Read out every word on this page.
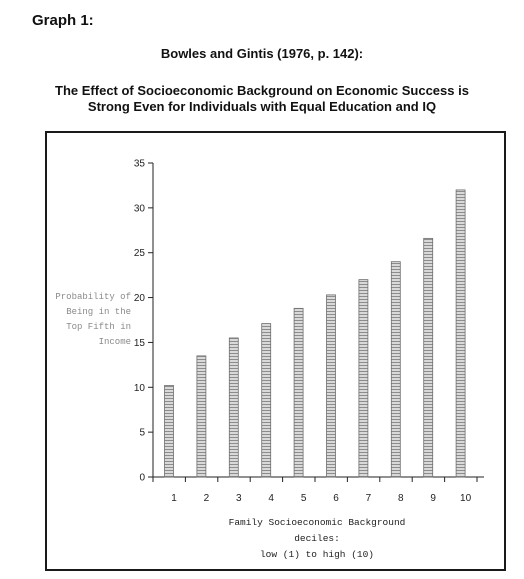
Graph 1:
Bowles and Gintis (1976, p. 142):
The Effect of Socioeconomic Background on Economic Success is
Strong Even for Individuals with Equal Education and IQ
0
5
10
15
20
25
30
35
1	2	3	4	5	6	7	8	9 10
Probability of
Being in the
Top Fifth in
Income
Family Socioeconomic Background
deciles:
low (1) to high (10)
